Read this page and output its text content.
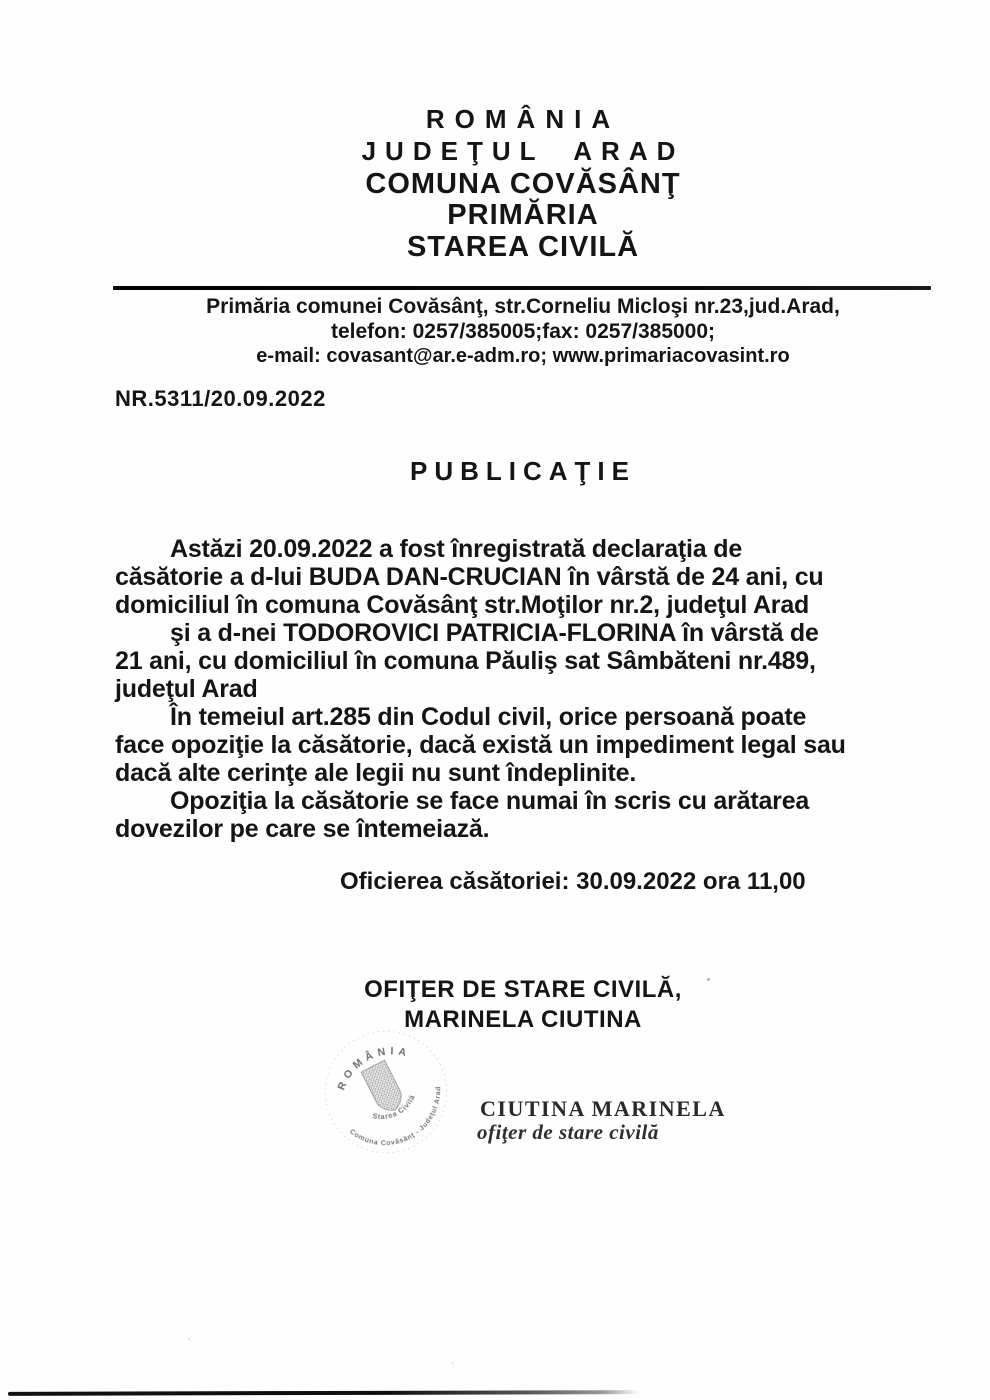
ROMÂNIA
JUDEŢUL ARAD
COMUNA COVĂSÂNŢ
PRIMĂRIA
STAREA CIVILĂ
Primăria comunei Covăsânţ, str.Corneliu Micloşi nr.23,jud.Arad,
telefon: 0257/385005;fax: 0257/385000;
e-mail: covasant@ar.e-adm.ro; www.primariacovasint.ro
NR.5311/20.09.2022
PUBLICAŢIE
Astăzi 20.09.2022 a fost înregistrată declaraţia de
căsătorie a d-lui BUDA DAN-CRUCIAN în vârstă de 24 ani, cu
domiciliul în comuna Covăsânţ str.Moţilor nr.2, judeţul Arad
şi a d-nei TODOROVICI PATRICIA-FLORINA în vârstă de
21 ani, cu domiciliul în comuna Păuliş sat Sâmbăteni nr.489,
judeţul Arad
În temeiul art.285 din Codul civil, orice persoană poate
face opoziţie la căsătorie, dacă există un impediment legal sau
dacă alte cerinţe ale legii nu sunt îndeplinite.
Opoziţia la căsătorie se face numai în scris cu arătarea
dovezilor pe care se întemeiază.
Oficierea căsătoriei: 30.09.2022 ora 11,00
OFIŢER DE STARE CIVILĂ,
MARINELA CIUTINA
ROMÂNIA
Comuna Covăsânţ - Judeţul Arad
Starea Civilă	CIUTINA MARINELA
ofiţer de stare civilă
